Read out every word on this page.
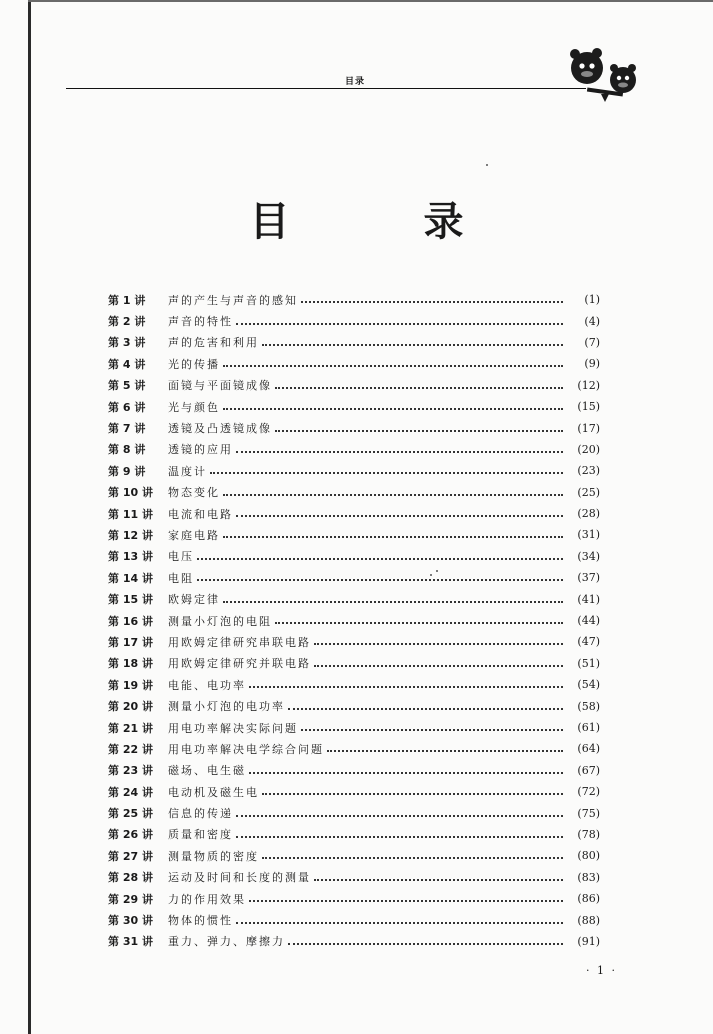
目录
目 录
第 1 讲	声的产生与声音的感知	(1)
第 2 讲	声音的特性	(4)
第 3 讲	声的危害和利用	(7)
第 4 讲	光的传播	(9)
第 5 讲	面镜与平面镜成像	(12)
第 6 讲	光与颜色	(15)
第 7 讲	透镜及凸透镜成像	(17)
第 8 讲	透镜的应用	(20)
第 9 讲	温度计	(23)
第 10 讲	物态变化	(25)
第 11 讲	电流和电路	(28)
第 12 讲	家庭电路	(31)
第 13 讲	电压	(34)
第 14 讲	电阻	(37)
第 15 讲	欧姆定律	(41)
第 16 讲	测量小灯泡的电阻	(44)
第 17 讲	用欧姆定律研究串联电路	(47)
第 18 讲	用欧姆定律研究并联电路	(51)
第 19 讲	电能、电功率	(54)
第 20 讲	测量小灯泡的电功率	(58)
第 21 讲	用电功率解决实际问题	(61)
第 22 讲	用电功率解决电学综合问题	(64)
第 23 讲	磁场、电生磁	(67)
第 24 讲	电动机及磁生电	(72)
第 25 讲	信息的传递	(75)
第 26 讲	质量和密度	(78)
第 27 讲	测量物质的密度	(80)
第 28 讲	运动及时间和长度的测量	(83)
第 29 讲	力的作用效果	(86)
第 30 讲	物体的惯性	(88)
第 31 讲	重力、弹力、摩擦力	(91)
· 1 ·
